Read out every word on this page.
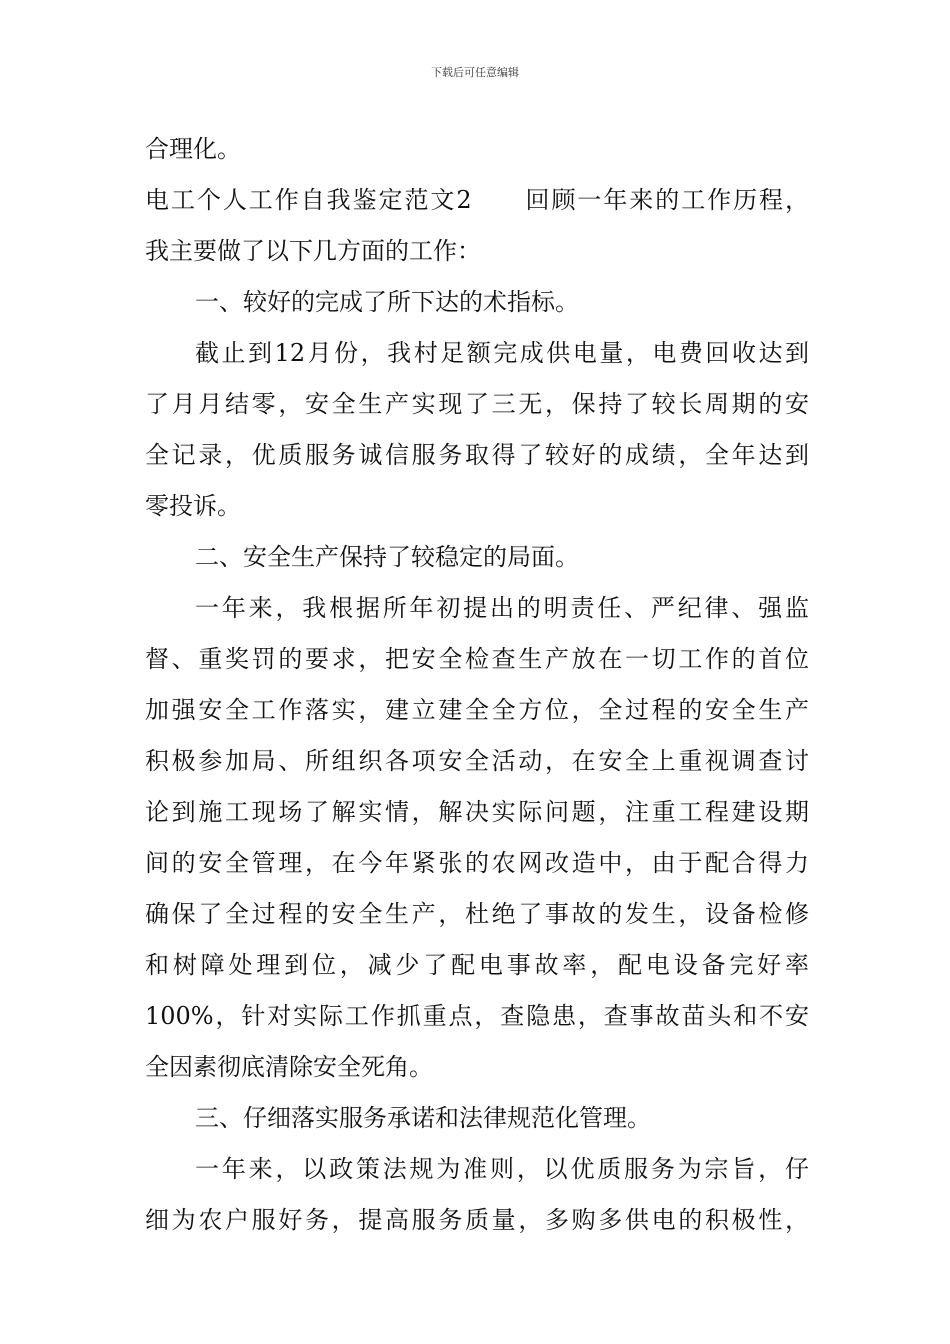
下载后可任意编辑
合理化。
电工个人工作自我鉴定范文2　　回顾一年来的工作历程，
我主要做了以下几方面的工作：
一、较好的完成了所下达的术指标。
截止到12月份，我村足额完成供电量，电费回收达到
了月月结零，安全生产实现了三无，保持了较长周期的安
全记录，优质服务诚信服务取得了较好的成绩，全年达到
零投诉。
二、安全生产保持了较稳定的局面。
一年来，我根据所年初提出的明责任、严纪律、强监
督、重奖罚的要求，把安全检查生产放在一切工作的首位
加强安全工作落实，建立建全全方位，全过程的安全生产
积极参加局、所组织各项安全活动，在安全上重视调查讨
论到施工现场了解实情，解决实际问题，注重工程建设期
间的安全管理，在今年紧张的农网改造中，由于配合得力
确保了全过程的安全生产，杜绝了事故的发生，设备检修
和树障处理到位，减少了配电事故率，配电设备完好率
100%，针对实际工作抓重点，查隐患，查事故苗头和不安
全因素彻底清除安全死角。
三、仔细落实服务承诺和法律规范化管理。
一年来，以政策法规为准则，以优质服务为宗旨，仔
细为农户服好务，提高服务质量，多购多供电的积极性，
